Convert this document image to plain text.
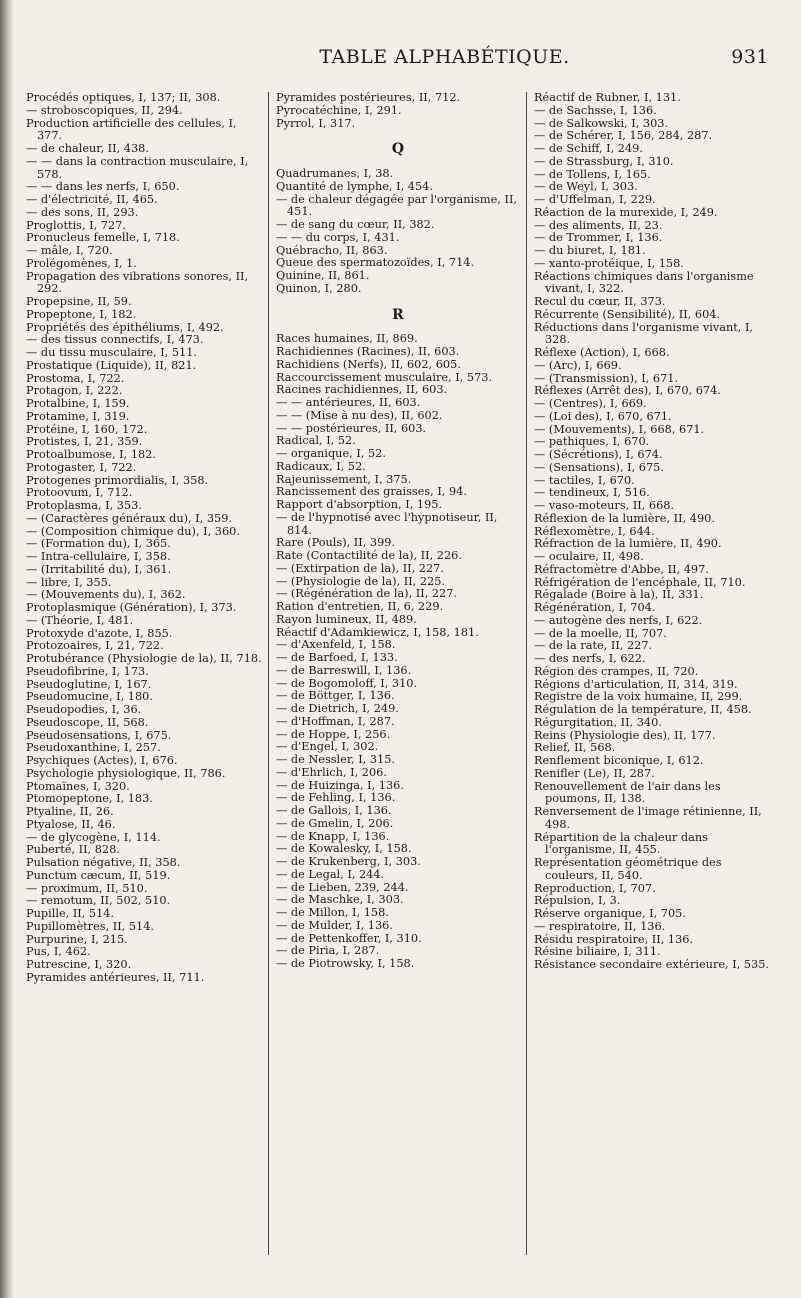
TABLE ALPHABÉTIQUE.	931

Procédés optiques, I, 137; II, 308.

— stroboscopiques, II, 294.

Production artificielle des cellules, I, 377.

— de chaleur, II, 438.

— — dans la contraction musculaire, I, 578.

— — dans les nerfs, I, 650.

— d'électricité, II, 465.

— des sons, II, 293.

Proglottis, I, 727.

Pronucleus femelle, I, 718.

— mâle, I, 720.

Prolégomènes, I, 1.

Propagation des vibrations sonores, II, 292.

Propepsine, II, 59.

Propeptone, I, 182.

Propriétés des épithéliums, I, 492.

— des tissus connectifs, I, 473.

— du tissu musculaire, I, 511.

Prostatique (Liquide), II, 821.

Prostoma, I, 722.

Protagon, I, 222.

Protalbine, I, 159.

Protamine, I, 319.

Protéine, I, 160, 172.

Protistes, I, 21, 359.

Protoalbumose, I, 182.

Protogaster, I, 722.

Protogenes primordialis, I, 358.

Protoovum, I, 712.

Protoplasma, I, 353.

— (Caractères généraux du), I, 359.

— (Composition chimique du), I, 360.

— (Formation du), I, 365.

— Intra-cellulaire, I, 358.

— (Irritabilité du), I, 361.

— libre, I, 355.

— (Mouvements du), I, 362.

Protoplasmique (Génération), I, 373.

— (Théorie, I, 481.

Protoxyde d'azote, I, 855.

Protozoaires, I, 21, 722.

Protubérance (Physiologie de la), II, 718.

Pseudofibrine, I, 173.

Pseudoglutine, I, 167.

Pseudomucine, I, 180.

Pseudopodies, I, 36.

Pseudoscope, II, 568.

Pseudosensations, I, 675.

Pseudoxanthine, I, 257.

Psychiques (Actes), I, 676.

Psychologie physiologique, II, 786.

Ptomaïnes, I, 320.

Ptomopeptone, I, 183.

Ptyaline, II, 26.

Ptyalose, II, 46.

— de glycogène, I, 114.

Puberté, II, 828.

Pulsation négative, II, 358.

Punctum cæcum, II, 519.

— proximum, II, 510.

— remotum, II, 502, 510.

Pupille, II, 514.

Pupillomètres, II, 514.

Purpurine, I, 215.

Pus, I, 462.

Putrescine, I, 320.

Pyramides antérieures, II, 711.

Pyramides postérieures, II, 712.

Pyrocatéchine, I, 291.

Pyrrol, I, 317.

Q

Quadrumanes, I, 38.

Quantité de lymphe, I, 454.

— de chaleur dégagée par l'organisme, II, 451.

— de sang du cœur, II, 382.

— — du corps, I, 431.

Québracho, II, 863.

Queue des spermatozoïdes, I, 714.

Quinine, II, 861.

Quinon, I, 280.

R

Races humaines, II, 869.

Rachidiennes (Racines), II, 603.

Rachidiens (Nerfs), II, 602, 605.

Raccourcissement musculaire, I, 573.

Racines rachidiennes, II, 603.

— — antérieures, II, 603.

— — (Mise à nu des), II, 602.

— — postérieures, II, 603.

Radical, I, 52.

— organique, I, 52.

Radicaux, I, 52.

Rajeunissement, I, 375.

Rancissement des graisses, I, 94.

Rapport d'absorption, I, 195.

— de l'hypnotisé avec l'hypnotiseur, II, 814.

Rare (Pouls), II, 399.

Rate (Contactilité de la), II, 226.

— (Extirpation de la), II, 227.

— (Physiologie de la), II, 225.

— (Régénération de la), II, 227.

Ration d'entretien, II, 6, 229.

Rayon lumineux, II, 489.

Réactif d'Adamkiewicz, I, 158, 181.

— d'Axenfeld, I, 158.

— de Barfoed, I, 133.

— de Barreswill, I, 136.

— de Bogomoloff, I, 310.

— de Böttger, I, 136.

— de Dietrich, I, 249.

— d'Hoffman, I, 287.

— de Hoppe, I, 256.

— d'Engel, I, 302.

— de Nessler, I, 315.

— d'Ehrlich, I, 206.

— de Huizinga, I, 136.

— de Fehling, I, 136.

— de Gallois, I, 136.

— de Gmelin, I, 206.

— de Knapp, I, 136.

— de Kowalesky, I, 158.

— de Krukenberg, I, 303.

— de Legal, I, 244.

— de Lieben, 239, 244.

— de Maschke, I, 303.

— de Millon, I, 158.

— de Mulder, I, 136.

— de Pettenkoffer, I, 310.

— de Piria, I, 287.

— de Piotrowsky, I, 158.

Réactif de Rubner, I, 131.

— de Sachsse, I, 136.

— de Salkowski, I, 303.

— de Schérer, I, 156, 284, 287.

— de Schiff, I, 249.

— de Strassburg, I, 310.

— de Tollens, I, 165.

— de Weyl, I, 303.

— d'Uffelman, I, 229.

Réaction de la murexide, I, 249.

— des aliments, II, 23.

— de Trommer, I, 136.

— du biuret, I, 181.

— xanto-protéique, I, 158.

Réactions chimiques dans l'organisme vivant, I, 322.

Recul du cœur, II, 373.

Récurrente (Sensibilité), II, 604.

Réductions dans l'organisme vivant, I, 328.

Réflexe (Action), I, 668.

— (Arc), I, 669.

— (Transmission), I, 671.

Réflexes (Arrêt des), I, 670, 674.

— (Centres), I, 669.

— (Loi des), I, 670, 671.

— (Mouvements), I, 668, 671.

— pathiques, I, 670.

— (Sécrétions), I, 674.

— (Sensations), I, 675.

— tactiles, I, 670.

— tendineux, I, 516.

— vaso-moteurs, II, 668.

Réflexion de la lumière, II, 490.

Réflexomètre, I, 644.

Réfraction de la lumière, II, 490.

— oculaire, II, 498.

Réfractomètre d'Abbe, II, 497.

Réfrigération de l'encéphale, II, 710.

Régalade (Boire à la), II, 331.

Régénération, I, 704.

— autogène des nerfs, I, 622.

— de la moelle, II, 707.

— de la rate, II, 227.

— des nerfs, I, 622.

Région des crampes, II, 720.

Régions d'articulation, II, 314, 319.

Registre de la voix humaine, II, 299.

Régulation de la température, II, 458.

Régurgitation, II, 340.

Reins (Physiologie des), II, 177.

Relief, II, 568.

Renflement biconique, I, 612.

Renifler (Le), II, 287.

Renouvellement de l'air dans les poumons, II, 138.

Renversement de l'image rétinienne, II, 498.

Répartition de la chaleur dans l'organisme, II, 455.

Représentation géométrique des couleurs, II, 540.

Reproduction, I, 707.

Répulsion, I, 3.

Réserve organique, I, 705.

— respiratoire, II, 136.

Résidu respiratoire, II, 136.

Résine biliaire, I, 311.

Résistance secondaire extérieure, I, 535.
